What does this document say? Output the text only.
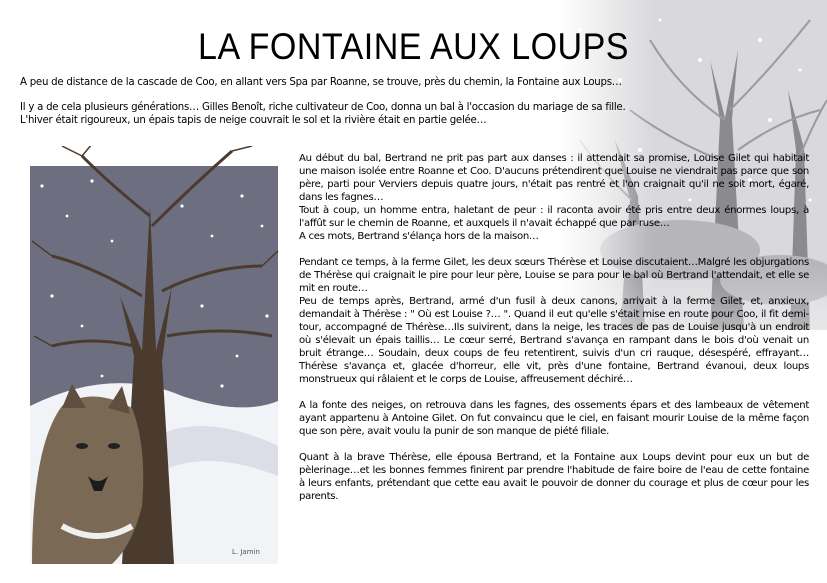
LA FONTAINE AUX LOUPS

A peu de distance de la cascade de Coo, en allant vers Spa par Roanne, se trouve, près du chemin, la Fontaine aux Loups…

Il y a de cela plusieurs générations… Gilles Benoît, riche cultivateur de Coo, donna un bal à l'occasion du mariage de sa fille.

L'hiver était rigoureux, un épais tapis de neige couvrait le sol et la rivière était en partie gelée…

L. Jamin

Au début du bal, Bertrand ne prit pas part aux danses : il attendait sa promise, Louise Gilet qui habitait une maison isolée entre Roanne et Coo. D'aucuns prétendirent que Louise ne viendrait pas parce que son père, parti pour Verviers depuis quatre jours, n'était pas rentré et l'on craignait qu'il ne soit mort, égaré, dans les fagnes…
Tout à coup, un homme entra, haletant de peur : il raconta avoir été pris entre deux énormes loups, à l'affût sur le chemin de Roanne, et auxquels il n'avait échappé que par ruse…
A ces mots, Bertrand s'élança hors de la maison…

Pendant ce temps, à la ferme Gilet, les deux sœurs Thérèse et Louise discutaient…Malgré les objurgations de Thérèse qui craignait le pire pour leur père, Louise se para pour le bal où Bertrand l'attendait, et elle se mit en route…
Peu de temps après, Bertrand, armé d'un fusil à deux canons, arrivait à la ferme Gilet, et, anxieux, demandait à Thérèse : " Où est Louise ?… ". Quand il eut qu'elle s'était mise en route pour Coo, il fit demi-tour, accompagné de Thérèse…Ils suivirent, dans la neige, les traces de pas de Louise jusqu'à un endroit où s'élevait un épais taillis… Le cœur serré, Bertrand s'avança en rampant dans le bois d'où venait un bruit étrange… Soudain, deux coups de feu retentirent, suivis d'un cri rauque, désespéré, effrayant…Thérèse s'avança et, glacée d'horreur, elle vit, près d'une fontaine, Bertrand évanoui, deux loups monstrueux qui râlaient et le corps de Louise, affreusement déchiré…

A la fonte des neiges, on retrouva dans les fagnes, des ossements épars et des lambeaux de vêtement ayant appartenu à Antoine Gilet. On fut convaincu que le ciel, en faisant mourir Louise de la même façon que son père, avait voulu la punir de son manque de piété filiale.

Quant à la brave Thérèse, elle épousa Bertrand, et la Fontaine aux Loups devint pour eux un but de pèlerinage…et les bonnes femmes finirent par prendre l'habitude de faire boire de l'eau de cette fontaine à leurs enfants, prétendant que cette eau avait le pouvoir de donner du courage et plus de cœur pour les parents.
